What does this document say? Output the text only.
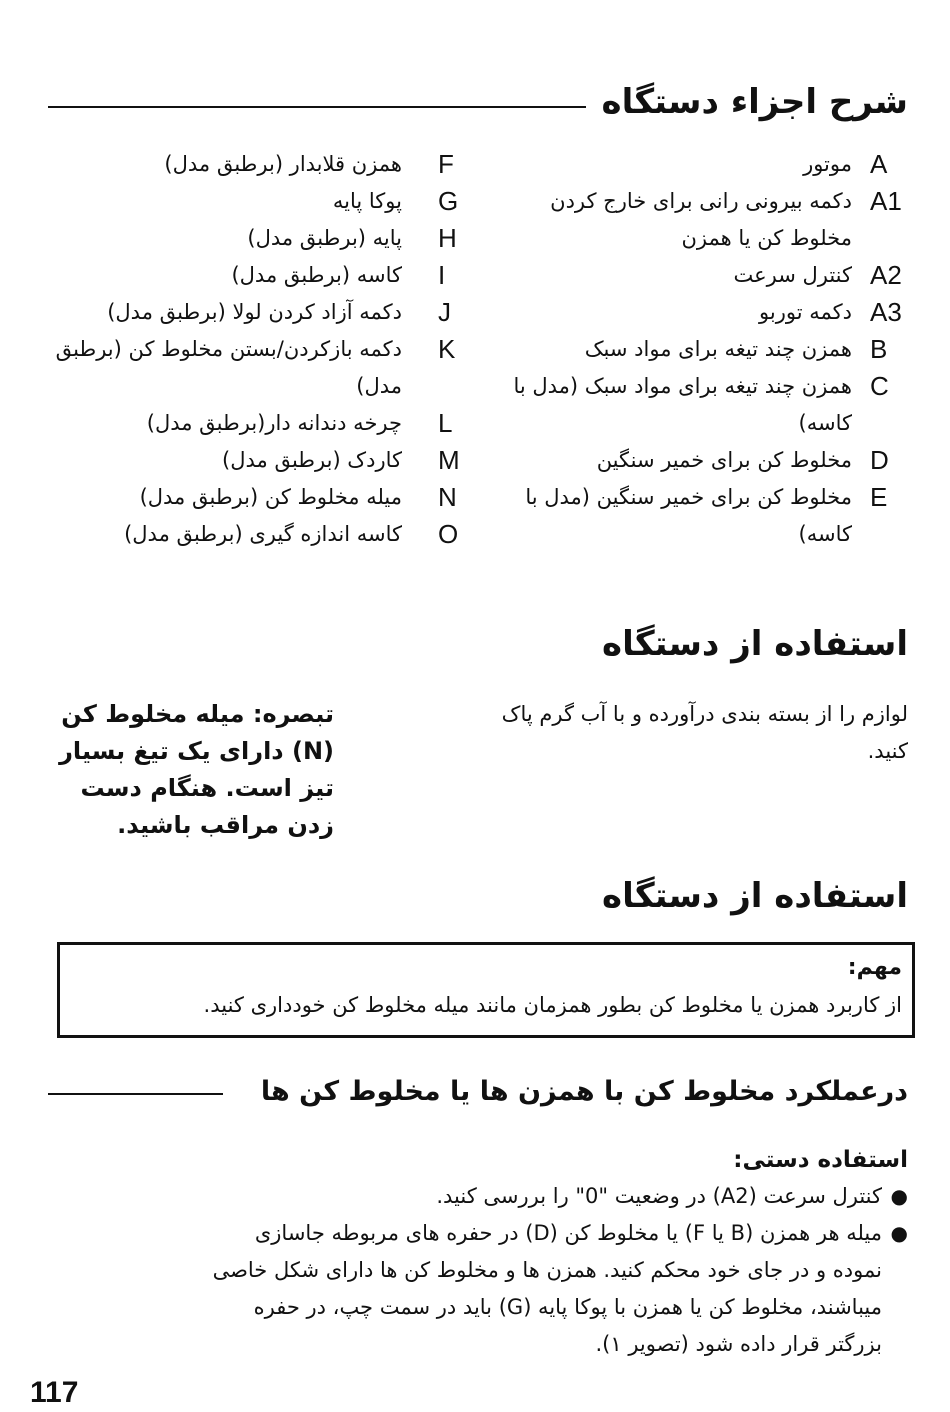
شرح اجزاء دستگاه
A
موتور
A1
دکمه بیرونی رانی برای خارج کردن مخلوط کن یا همزن
A2
کنترل سرعت
A3
دکمه توربو
B
همزن چند تیغه برای مواد سبک
C
همزن چند تیغه برای مواد سبک (مدل با کاسه)
D
مخلوط کن برای خمیر سنگین
E
مخلوط کن برای خمیر سنگین (مدل با کاسه)
F
همزن قلابدار (برطبق مدل)
G
پوکا پایه
H
پایه (برطبق مدل)
I
کاسه (برطبق مدل)
J
دکمه آزاد کردن لولا (برطبق مدل)
K
دکمه بازکردن/بستن مخلوط کن (برطبق مدل)
L
چرخه دندانه دار(برطبق مدل)
M
کاردک (برطبق مدل)
N
میله مخلوط کن (برطبق مدل)
O
کاسه اندازه گیری (برطبق مدل)
استفاده از دستگاه
لوازم را از بسته بندی درآورده و با آب گرم پاک کنید.
تبصره: میله مخلوط کن (N) دارای یک تیغ بسیار تیز است. هنگام دست زدن مراقب باشید.
استفاده از دستگاه
مهم:
از کاربرد همزن یا مخلوط کن بطور همزمان مانند میله مخلوط کن خودداری کنید.
درعملکرد مخلوط کن با همزن ها یا مخلوط کن ها
استفاده دستی:
●
کنترل سرعت (A2) در وضعیت "0" را بررسی کنید.
●
میله هر همزن (B یا F) یا مخلوط کن (D) در حفره های مربوطه جاسازی نموده و در جای خود محکم کنید. همزن ها و مخلوط کن ها دارای شکل خاصی میباشند، مخلوط کن یا همزن با پوکا پایه (G) باید در سمت چپ، در حفره بزرگتر قرار داده شود (تصویر ۱).
117
